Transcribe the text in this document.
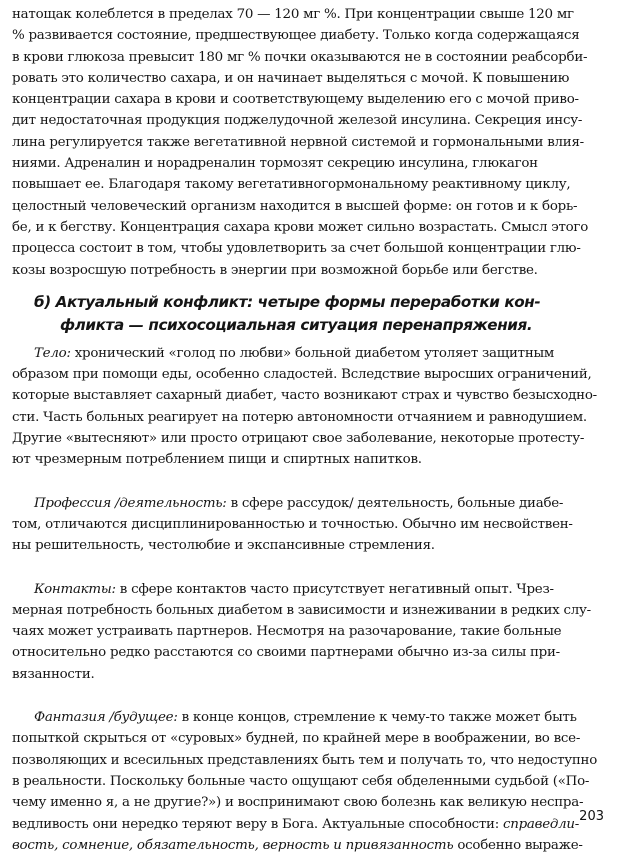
натощак колеблется в пределах 70 — 120 мг %. При концентрации свыше 120 мг
% развивается состояние, предшествующее диабету. Только когда содержащаяся
в крови глюкоза превысит 180 мг % почки оказываются не в состоянии реабсорби-
ровать это количество сахара, и он начинает выделяться с мочой. К повышению
концентрации сахара в крови и соответствующему выделению его с мочой приво-
дит недостаточная продукция поджелудочной железой инсулина. Секреция инсу-
лина регулируется также вегетативной нервной системой и гормональными влия-
ниями. Адреналин и норадреналин тормозят секрецию инсулина, глюкагон
повышает ее. Благодаря такому вегетативногормональному реактивному циклу,
целостный человеческий организм находится в высшей форме: он готов и к борь-
бе, и к бегству. Концентрация сахара крови может сильно возрастать. Смысл этого
процесса состоит в том, чтобы удовлетворить за счет большой концентрации глю-
козы возросшую потребность в энергии при возможной борьбе или бегстве.
б) Актуальный конфликт: четыре формы переработки кон-
фликта — психосоциальная ситуация перенапряжения.
Тело: хронический «голод по любви» больной диабетом утоляет защитным
образом при помощи еды, особенно сладостей. Вследствие выросших ограничений,
которые выставляет сахарный диабет, часто возникают страх и чувство безысходно-
сти. Часть больных реагирует на потерю автономности отчаянием и равнодушием.
Другие «вытесняют» или просто отрицают свое заболевание, некоторые протесту-
ют чрезмерным потреблением пищи и спиртных напитков.
Профессия /деятельность: в сфере рассудок/ деятельность, больные диабе-
том, отличаются дисциплинированностью и точностью. Обычно им несвойствен-
ны решительность, честолюбие и экспансивные стремления.
Контакты: в сфере контактов часто присутствует негативный опыт. Чрез-
мерная потребность больных диабетом в зависимости и изнеживании в редких слу-
чаях может устраивать партнеров. Несмотря на разочарование, такие больные
относительно редко расстаются со своими партнерами обычно из-за силы при-
вязанности.
Фантазия /будущее: в конце концов, стремление к чему-то также может быть
попыткой скрыться от «суровых» будней, по крайней мере в воображении, во все-
позволяющих и всесильных представлениях быть тем и получать то, что недоступно
в реальности. Поскольку больные часто ощущают себя обделенными судьбой («По-
чему именно я, а не другие?») и воспринимают свою болезнь как великую неспра-
ведливость они нередко теряют веру в Бога. Актуальные способности: справедли-
вость, сомнение, обязательность, верность и привязанность особенно выраже-
203
